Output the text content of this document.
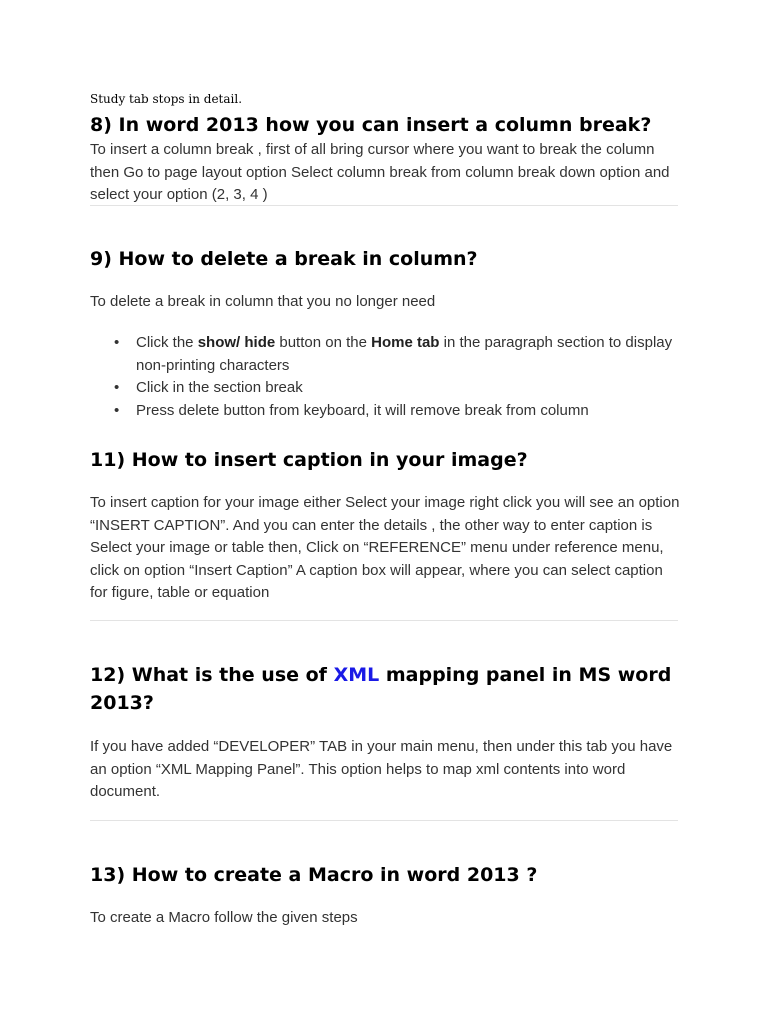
Study tab stops in detail.
8) In word 2013 how you can insert a column break?
To insert a column break , first of all bring cursor where you want to break the column then Go to page layout option Select column break from column break down option and select your option (2, 3, 4 )
9) How to delete a break in column?
To delete a break in column that you no longer need
• Click the show/ hide button on the Home tab in the paragraph section to display non-printing characters
• Click in the section break
• Press delete button from keyboard, it will remove break from column
11) How to insert caption in your image?
To insert caption for your image either Select your image right click you will see an option “INSERT CAPTION”. And you can enter the details , the other way to enter caption is Select your image or table then, Click on “REFERENCE” menu under reference menu, click on option “Insert Caption” A caption box will appear, where you can select caption for figure, table or equation
12) What is the use of XML mapping panel in MS word 2013?
If you have added “DEVELOPER” TAB in your main menu, then under this tab you have an option “XML Mapping Panel”. This option helps to map xml contents into word document.
13) How to create a Macro in word 2013 ?
To create a Macro follow the given steps
